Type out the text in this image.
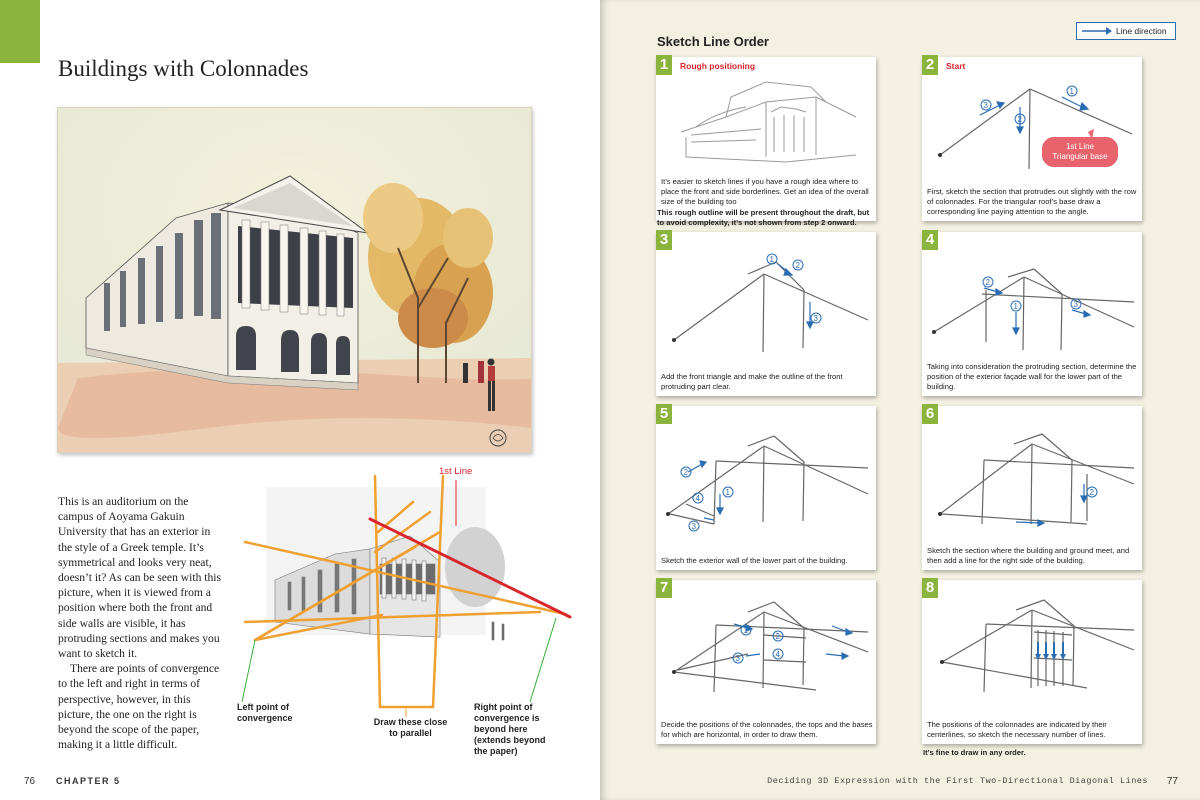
Buildings with Colonnades

This is an auditorium on the campus of Aoyama Gakuin University that has an exterior in the style of a Greek temple. It’s symmetrical and looks very neat, doesn’t it? As can be seen with this picture, when it is viewed from a position where both the front and side walls are visible, it has protruding sections and makes you want to sketch it.

There are points of convergence to the left and right in terms of perspective, however, in this picture, the one on the right is beyond the scope of the paper, making it a little difficult.

1st Line
Left point of convergence	Draw these close to parallel
Right point of convergence is beyond here (extends beyond the paper)
76 CHAPTER 5
Sketch Line Order
Line direction
1	Rough positioning
It’s easier to sketch lines if you have a rough idea where to place the front and side borderlines. Get an idea of the overall size of the building too
This rough outline will be present throughout the draft, but to avoid complexity, it’s not shown from step 2 onward.
1
2
3
2	Start
1st Line
Triangular base
First, sketch the section that protrudes out slightly with the row of colonnades. For the triangular roof’s base draw a corresponding line paying attention to the angle.
1
2
3
3
Add the front triangle and make the outline of the front protruding part clear.
2
1	3
4
Taking into consideration the protruding section, determine the position of the exterior façade wall for the lower part of the building.
2
1
4
3
5
Sketch the exterior wall of the lower part of the building.
2
6
Sketch the section where the building and ground meet, and then add a line for the right side of the building.
1
2
3	4
7
Decide the positions of the colonnades, the tops and the bases for which are horizontal, in order to draw them.
8
The positions of the colonnades are indicated by their centerlines, so sketch the necessary number of lines.
It’s fine to draw in any order.
Deciding 3D Expression with the First Two-Directional Diagonal Lines 77
